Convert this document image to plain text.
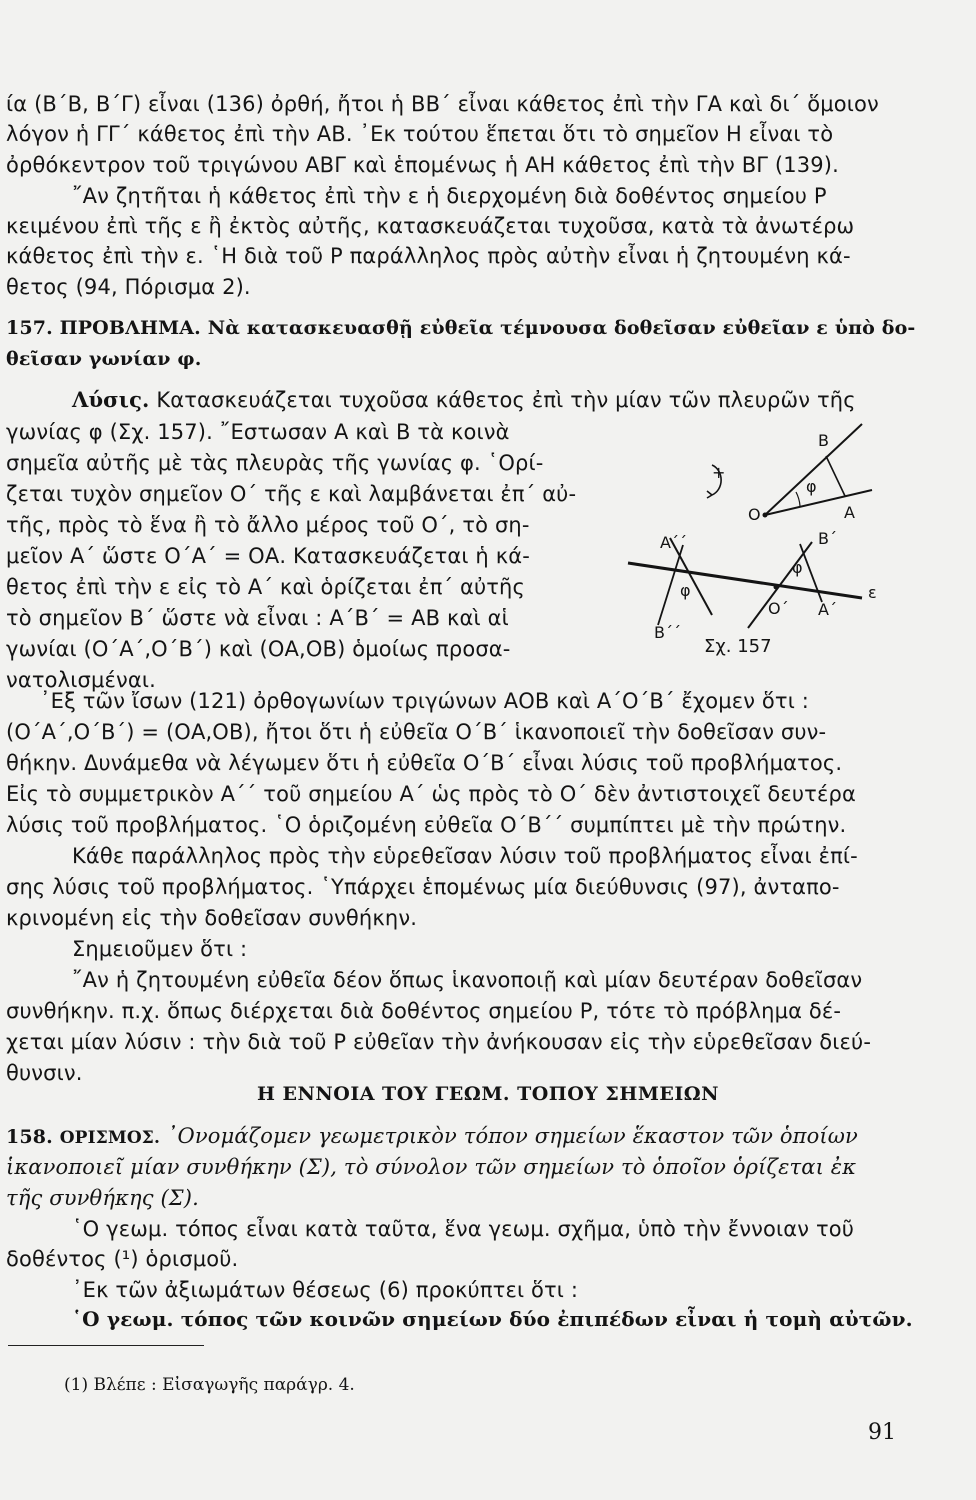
ία (Β΄Β, Β΄Γ) εἶναι (136) ὀρθή, ἤτοι ἡ ΒΒ΄ εἶναι κάθετος ἐπὶ τὴν ΓΑ καὶ δι΄ ὅμοιον
λόγον ἡ ΓΓ΄ κάθετος ἐπὶ τὴν ΑΒ. ᾿Εκ τούτου ἕπεται ὅτι τὸ σημεῖον Η εἶναι τὸ
ὀρθόκεντρον τοῦ τριγώνου ΑΒΓ καὶ ἑπομένως ἡ ΑΗ κάθετος ἐπὶ τὴν ΒΓ (139).
῎Αν ζητῆται ἡ κάθετος ἐπὶ τὴν ε ἡ διερχομένη διὰ δοθέντος σημείου Ρ
κειμένου ἐπὶ τῆς ε ἢ ἐκτὸς αὐτῆς, κατασκευάζεται τυχοῦσα, κατὰ τὰ ἀνωτέρω
κάθετος ἐπὶ τὴν ε. ῾Η διὰ τοῦ Ρ παράλληλος πρὸς αὐτὴν εἶναι ἡ ζητουμένη κά-
θετος (94, Πόρισμα 2).
157. ΠΡΟΒΛΗΜΑ. Νὰ κατασκευασθῇ εὐθεῖα τέμνουσα δοθεῖσαν εὐθεῖαν ε ὑπὸ δο-
θεῖσαν γωνίαν φ.
Λύσις. Κατασκευάζεται τυχοῦσα κάθετος ἐπὶ τὴν μίαν τῶν πλευρῶν τῆς
γωνίας φ (Σχ. 157). ῎Εστωσαν Α καὶ Β τὰ κοινὰ
σημεῖα αὐτῆς μὲ τὰς πλευρὰς τῆς γωνίας φ. ῾Ορί-
ζεται τυχὸν σημεῖον Ο΄ τῆς ε καὶ λαμβάνεται ἐπ΄ αὐ-
τῆς, πρὸς τὸ ἕνα ἢ τὸ ἄλλο μέρος τοῦ Ο΄, τὸ ση-
μεῖον Α΄ ὥστε Ο΄Α΄ = ΟΑ. Κατασκευάζεται ἡ κά-
θετος ἐπὶ τὴν ε εἰς τὸ Α΄ καὶ ὁρίζεται ἐπ΄ αὐτῆς
τὸ σημεῖον Β΄ ὥστε νὰ εἶναι : Α΄Β΄ = ΑΒ καὶ αἱ
γωνίαι (Ο΄Α΄,Ο΄Β΄) καὶ (ΟΑ,ΟΒ) ὁμοίως προσα-
νατολισμέναι.
+
Β
φ
Ο	Α
φ
φ
Α΄΄	Β΄
Ο΄ Α΄
Β΄΄
ε
Σχ. 157
᾿Εξ τῶν ἴσων (121) ὀρθογωνίων τριγώνων ΑΟΒ καὶ Α΄Ο΄Β΄ ἔχομεν ὅτι :
(Ο΄Α΄,Ο΄Β΄) = (ΟΑ,ΟΒ), ἤτοι ὅτι ἡ εὐθεῖα Ο΄Β΄ ἱκανοποιεῖ τὴν δοθεῖσαν συν-
θήκην. Δυνάμεθα νὰ λέγωμεν ὅτι ἡ εὐθεῖα Ο΄Β΄ εἶναι λύσις τοῦ προβλήματος.
Εἰς τὸ συμμετρικὸν Α΄΄ τοῦ σημείου Α΄ ὡς πρὸς τὸ Ο΄ δὲν ἀντιστοιχεῖ δευτέρα
λύσις τοῦ προβλήματος. ῾Ο ὁριζομένη εὐθεῖα Ο΄Β΄΄ συμπίπτει μὲ τὴν πρώτην.
Κάθε παράλληλος πρὸς τὴν εὑρεθεῖσαν λύσιν τοῦ προβλήματος εἶναι ἐπί-
σης λύσις τοῦ προβλήματος. ῾Υπάρχει ἑπομένως μία διεύθυνσις (97), ἀνταπο-
κρινομένη εἰς τὴν δοθεῖσαν συνθήκην.
Σημειοῦμεν ὅτι :
῎Αν ἡ ζητουμένη εὐθεῖα δέον ὅπως ἱκανοποιῇ καὶ μίαν δευτέραν δοθεῖσαν
συνθήκην. π.χ. ὅπως διέρχεται διὰ δοθέντος σημείου Ρ, τότε τὸ πρόβλημα δέ-
χεται μίαν λύσιν : τὴν διὰ τοῦ Ρ εὐθεῖαν τὴν ἀνήκουσαν εἰς τὴν εὑρεθεῖσαν διεύ-
θυνσιν.
Η ΕΝΝΟΙΑ ΤΟΥ ΓΕΩΜ. ΤΟΠΟΥ ΣΗΜΕΙΩΝ
158. ΟΡΙΣΜΟΣ. ᾿Ονομάζομεν γεωμετρικὸν τόπον σημείων ἕκαστον τῶν ὁποίων
ἱκανοποιεῖ μίαν συνθήκην (Σ), τὸ σύνολον τῶν σημείων τὸ ὁποῖον ὁρίζεται ἐκ
τῆς συνθήκης (Σ).
῾Ο γεωμ. τόπος εἶναι κατὰ ταῦτα, ἕνα γεωμ. σχῆμα, ὑπὸ τὴν ἔννοιαν τοῦ
δοθέντος (¹) ὁρισμοῦ.
᾿Εκ τῶν ἀξιωμάτων θέσεως (6) προκύπτει ὅτι :
῾Ο γεωμ. τόπος τῶν κοινῶν σημείων δύο ἐπιπέδων εἶναι ἡ τομὴ αὐτῶν.
(1) Βλέπε : Εἰσαγωγῆς παράγρ. 4.
91
